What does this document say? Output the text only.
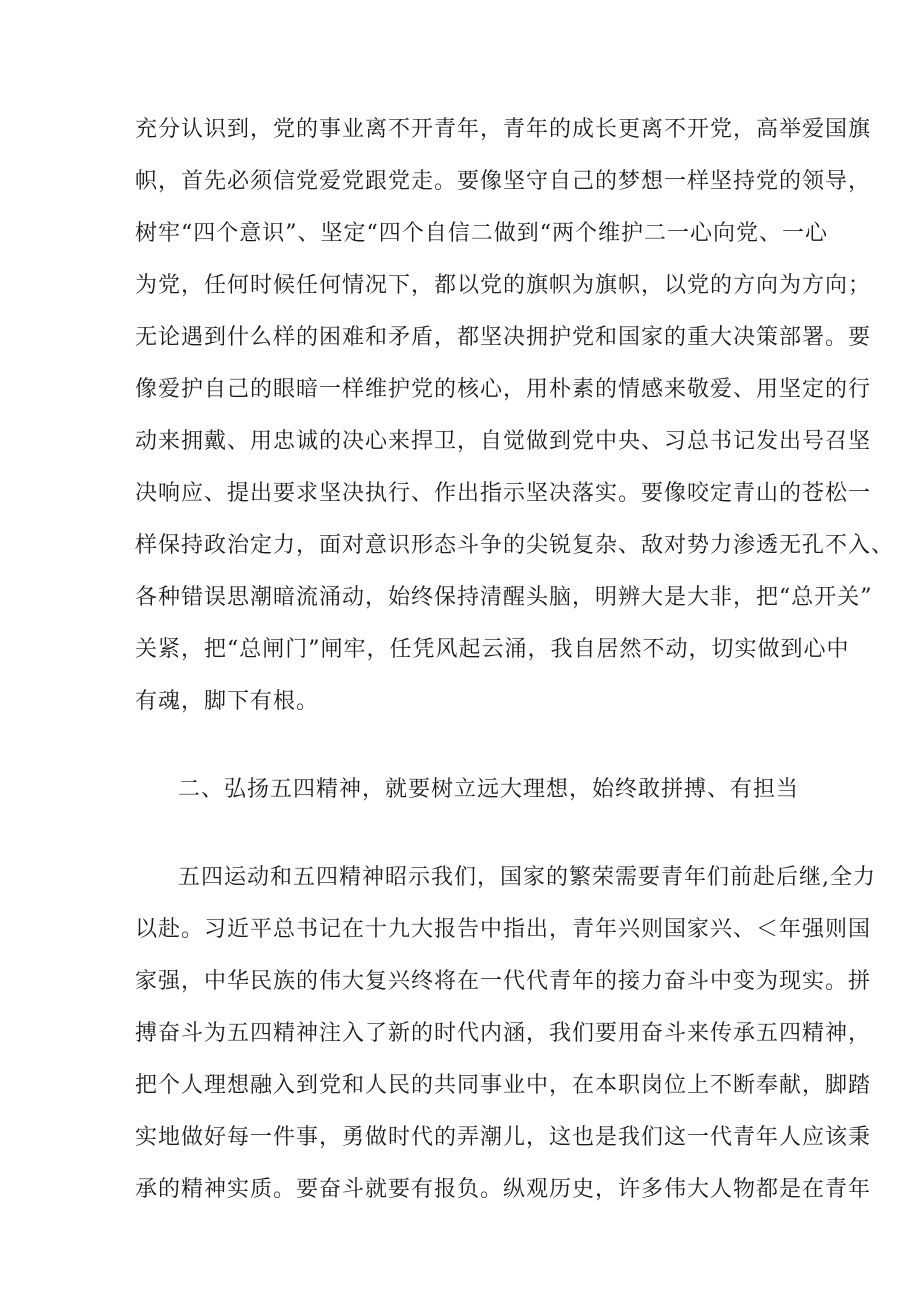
充分认识到，党的事业离不开青年，青年的成长更离不开党，高举爱国旗
帜，首先必须信党爱党跟党走。要像坚守自己的梦想一样坚持党的领导，
树牢“四个意识”、坚定“四个自信二做到“两个维护二一心向党、一心
为党，任何时候任何情况下，都以党的旗帜为旗帜，以党的方向为方向；
无论遇到什么样的困难和矛盾，都坚决拥护党和国家的重大决策部署。要
像爱护自己的眼暗一样维护党的核心，用朴素的情感来敬爱、用坚定的行
动来拥戴、用忠诚的决心来捍卫，自觉做到党中央、习总书记发出号召坚
决响应、提出要求坚决执行、作出指示坚决落实。要像咬定青山的苍松一
样保持政治定力，面对意识形态斗争的尖锐复杂、敌对势力渗透无孔不入、
各种错误思潮暗流涌动，始终保持清醒头脑，明辨大是大非，把“总开关”
关紧，把“总闸门”闸牢，任凭风起云涌，我自居然不动，切实做到心中
有魂，脚下有根。
二、弘扬五四精神，就要树立远大理想，始终敢拼搏、有担当
五四运动和五四精神昭示我们，国家的繁荣需要青年们前赴后继,全力
以赴。习近平总书记在十九大报告中指出，青年兴则国家兴、＜年强则国
家强，中华民族的伟大复兴终将在一代代青年的接力奋斗中变为现实。拼
搏奋斗为五四精神注入了新的时代内涵，我们要用奋斗来传承五四精神，
把个人理想融入到党和人民的共同事业中，在本职岗位上不断奉献，脚踏
实地做好每一件事，勇做时代的弄潮儿，这也是我们这一代青年人应该秉
承的精神实质。要奋斗就要有报负。纵观历史，许多伟大人物都是在青年
